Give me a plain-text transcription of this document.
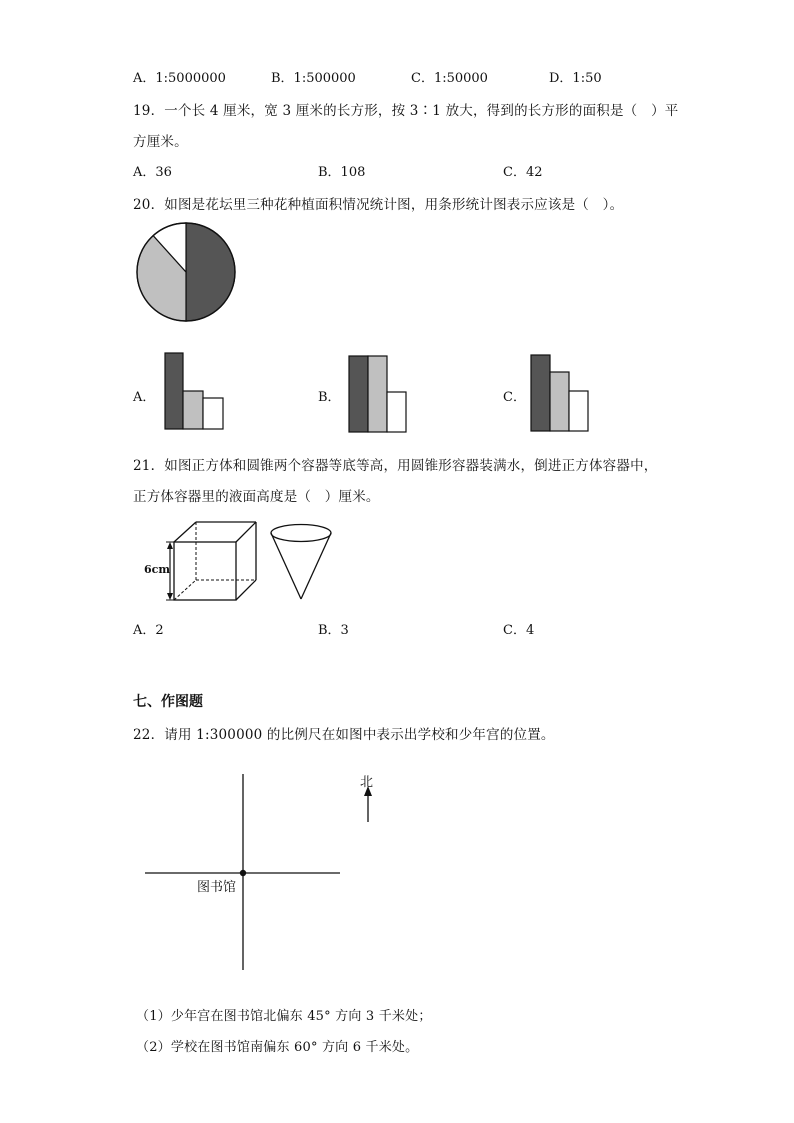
A．1:5000000	B．1:500000	C．1:50000	D．1:50
19．一个长 4 厘米，宽 3 厘米的长方形，按 3∶1 放大，得到的长方形的面积是（　）平
方厘米。
A．36	B．108	C．42
20．如图是花坛里三种花种植面积情况统计图，用条形统计图表示应该是（　）。
A．	B．	C．
21．如图正方体和圆锥两个容器等底等高，用圆锥形容器装满水，倒进正方体容器中，
正方体容器里的液面高度是（　）厘米。
6cm
A．2	B．3	C．4
七、作图题
22．请用 1:300000 的比例尺在如图中表示出学校和少年宫的位置。
北
图书馆
（1）少年宫在图书馆北偏东 45° 方向 3 千米处；
（2）学校在图书馆南偏东 60° 方向 6 千米处。
